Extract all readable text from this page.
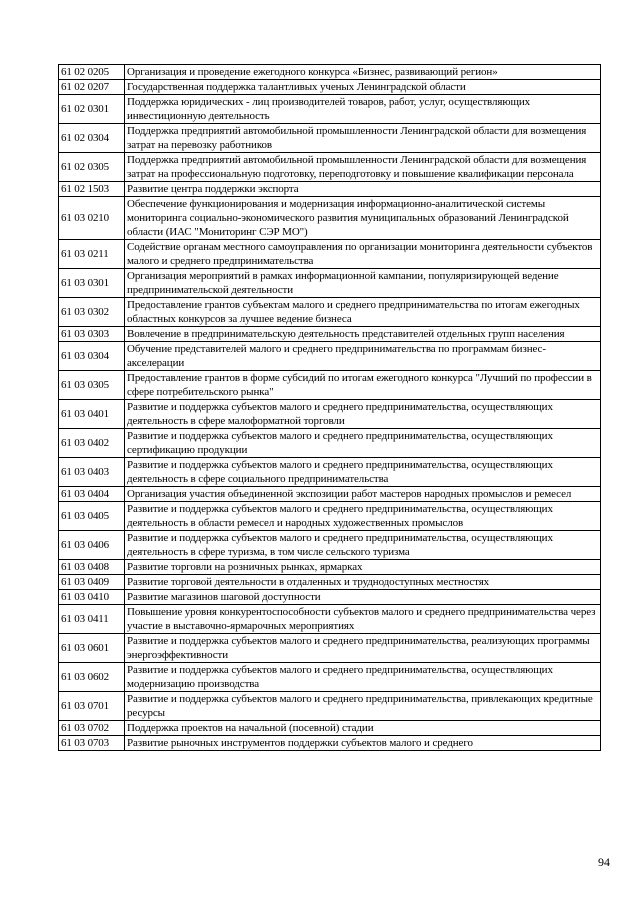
61 02 0205	Организация и проведение ежегодного конкурса «Бизнес, развивающий регион»
61 02 0207	Государственная поддержка талантливых ученых Ленинградской области
61 02 0301	Поддержка юридических - лиц производителей товаров, работ, услуг, осуществляющих инвестиционную деятельность
61 02 0304	Поддержка предприятий автомобильной промышленности Ленинградской области для возмещения затрат на перевозку работников
61 02 0305	Поддержка предприятий автомобильной промышленности Ленинградской области для возмещения затрат на профессиональную подготовку, переподготовку и повышение квалификации персонала
61 02 1503	Развитие центра поддержки экспорта
61 03 0210	Обеспечение функционирования и модернизация информационно-аналитической системы мониторинга социально-экономического развития муниципальных образований Ленинградской области (ИАС "Мониторинг СЭР МО")
61 03 0211	Содействие органам местного самоуправления по организации мониторинга деятельности субъектов малого и среднего предпринимательства
61 03 0301	Организация мероприятий в рамках информационной кампании, популяризирующей ведение предпринимательской деятельности
61 03 0302	Предоставление грантов субъектам малого и среднего предпринимательства по итогам ежегодных областных конкурсов за лучшее ведение бизнеса
61 03 0303	Вовлечение в предпринимательскую деятельность представителей отдельных групп населения
61 03 0304	Обучение представителей малого и среднего предпринимательства по программам бизнес-акселерации
61 03 0305	Предоставление грантов в форме субсидий по итогам ежегодного конкурса "Лучший по профессии в сфере потребительского рынка"
61 03 0401	Развитие и поддержка субъектов малого и среднего предпринимательства, осуществляющих деятельность в сфере малоформатной торговли
61 03 0402	Развитие и поддержка субъектов малого и среднего предпринимательства, осуществляющих сертификацию продукции
61 03 0403	Развитие и поддержка субъектов малого и среднего предпринимательства, осуществляющих деятельность в сфере социального предпринимательства
61 03 0404	Организация участия объединенной экспозиции работ мастеров народных промыслов и ремесел
61 03 0405	Развитие и поддержка субъектов малого и среднего предпринимательства, осуществляющих деятельность в области ремесел и народных художественных промыслов
61 03 0406	Развитие и поддержка субъектов малого и среднего предпринимательства, осуществляющих деятельность в сфере туризма, в том числе сельского туризма
61 03 0408	Развитие торговли на розничных рынках, ярмарках
61 03 0409	Развитие торговой деятельности в отдаленных и труднодоступных местностях
61 03 0410	Развитие магазинов шаговой доступности
61 03 0411	Повышение уровня конкурентоспособности субъектов малого и среднего предпринимательства через участие в выставочно-ярмарочных мероприятиях
61 03 0601	Развитие и поддержка субъектов малого и среднего предпринимательства, реализующих программы энергоэффективности
61 03 0602	Развитие и поддержка субъектов малого и среднего предпринимательства, осуществляющих модернизацию производства
61 03 0701	Развитие и поддержка субъектов малого и среднего предпринимательства, привлекающих кредитные ресурсы
61 03 0702	Поддержка проектов на начальной (посевной) стадии
61 03 0703	Развитие рыночных инструментов поддержки субъектов малого и среднего
94
